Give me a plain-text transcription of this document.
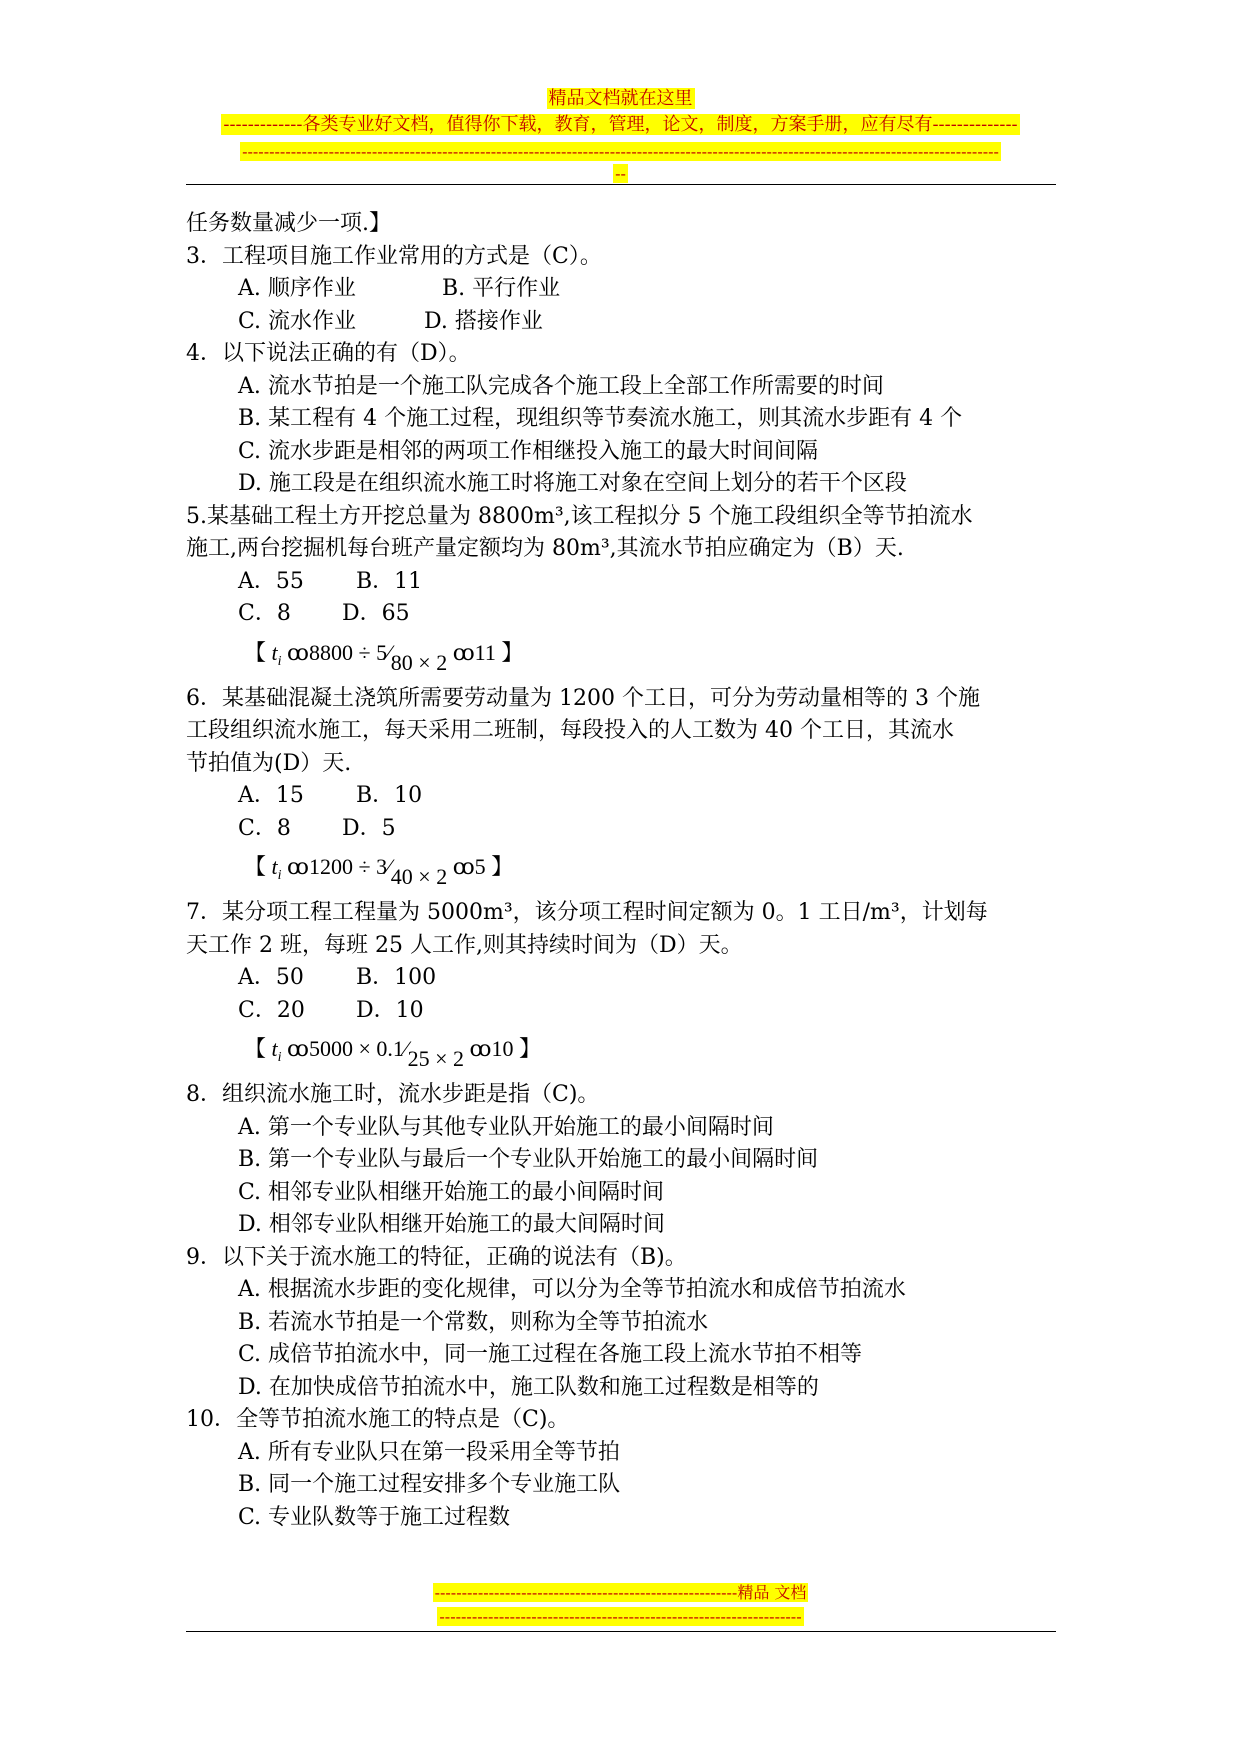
精品文档就在这里
-------------各类专业好文档，值得你下载，教育，管理，论文，制度，方案手册，应有尽有--------------
--------------------------------------------------------------------------------------------------------------------------------------------
--

任务数量减少一项.】

3．工程项目施工作业常用的方式是（C）。

A. 顺序作业	B. 平行作业

C. 流水作业	D. 搭接作业

4．以下说法正确的有（D）。

A. 流水节拍是一个施工队完成各个施工段上全部工作所需要的时间

B. 某工程有 4 个施工过程，现组织等节奏流水施工，则其流水步距有 4 个

C. 流水步距是相邻的两项工作相继投入施工的最大时间间隔

D. 施工段是在组织流水施工时将施工对象在空间上划分的若干个区段

5.某基础工程土方开挖总量为 8800m³,该工程拟分 5 个施工段组织全等节拍流水

施工,两台挖掘机每台班产量定额均为 80m³,其流水节拍应确定为（B）天.

A．55 B．11

C．8 D．65

【 $t_i$ ꝏ8800 ÷ 5⁄80 × 2 ꝏ11 】

6．某基础混凝土浇筑所需要劳动量为 1200 个工日，可分为劳动量相等的 3 个施

工段组织流水施工，每天采用二班制，每段投入的人工数为 40 个工日，其流水

节拍值为(D）天.

A．15 B．10

C．8 D．5

【 $t_i$ ꝏ1200 ÷ 3⁄40 × 2 ꝏ5 】

7．某分项工程工程量为 5000m³，该分项工程时间定额为 0。1 工日/m³，计划每

天工作 2 班，每班 25 人工作,则其持续时间为（D）天。

A．50 B．100

C．20 D．10

【 $t_i$ ꝏ5000 × 0.1⁄25 × 2 ꝏ10 】

8．组织流水施工时，流水步距是指（C)。

A. 第一个专业队与其他专业队开始施工的最小间隔时间

B. 第一个专业队与最后一个专业队开始施工的最小间隔时间

C. 相邻专业队相继开始施工的最小间隔时间

D. 相邻专业队相继开始施工的最大间隔时间

9．以下关于流水施工的特征，正确的说法有（B)。

A. 根据流水步距的变化规律，可以分为全等节拍流水和成倍节拍流水

B. 若流水节拍是一个常数，则称为全等节拍流水

C. 成倍节拍流水中，同一施工过程在各施工段上流水节拍不相等

D. 在加快成倍节拍流水中，施工队数和施工过程数是相等的

10．全等节拍流水施工的特点是（C)。

A. 所有专业队只在第一段采用全等节拍

B. 同一个施工过程安排多个专业施工队

C. 专业队数等于施工过程数

--------------------------------------------------------精品 文档
-------------------------------------------------------------------
